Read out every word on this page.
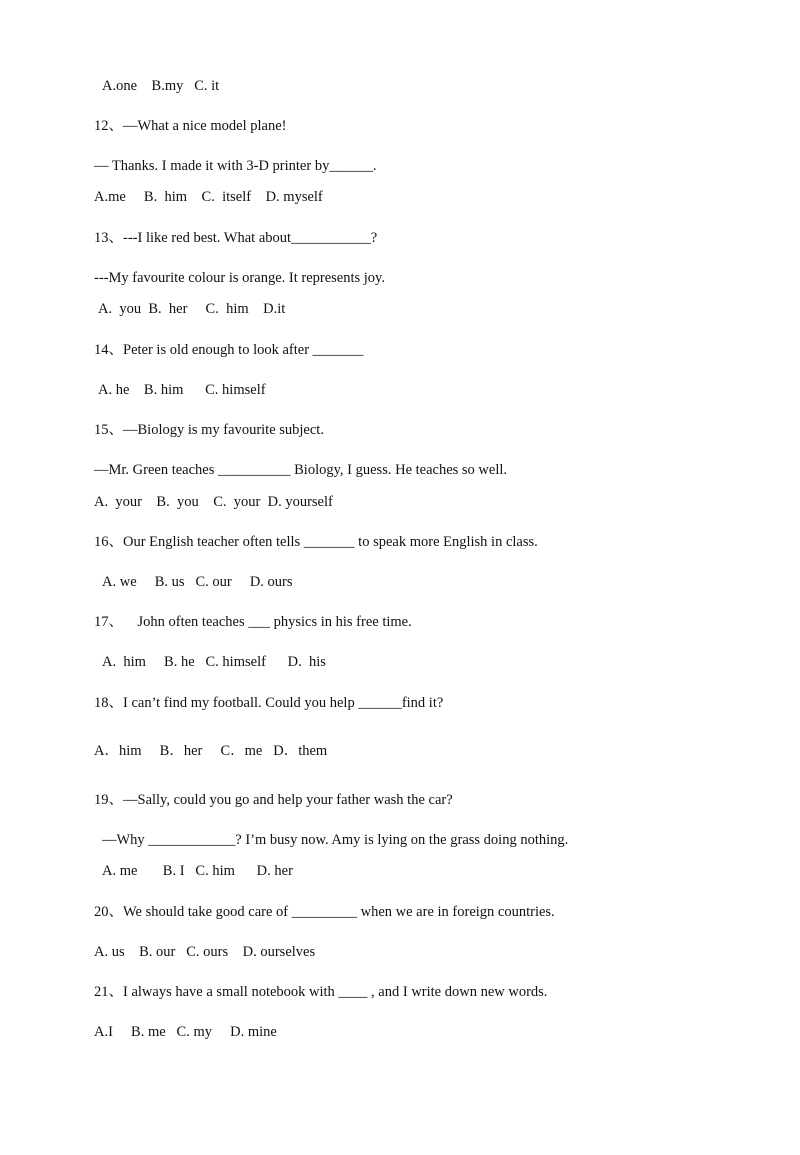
A.one    B.my   C. it
12、—What a nice model plane!
— Thanks. I made it with 3-D printer by______.
A.me     B.  him    C.  itself    D. myself
13、---I like red best. What about___________?
---My favourite colour is orange. It represents joy.
A.  you  B.  her     C.  him    D.it
14、Peter is old enough to look after _______
A. he    B. him      C. himself
15、—Biology is my favourite subject.
—Mr. Green teaches __________ Biology, I guess. He teaches so well.
A.  your    B.  you    C.  your  D. yourself
16、Our English teacher often tells _______ to speak more English in class.
A. we     B. us   C. our     D. ours
17、    John often teaches ___ physics in his free time.
A.  him     B. he   C. himself      D.  his
18、I can’t find my football. Could you help ______find it?
A．him     B．her     C．me   D．them
19、—Sally, could you go and help your father wash the car?
—Why ____________? I’m busy now. Amy is lying on the grass doing nothing.
A. me       B. I   C. him      D. her
20、We should take good care of _________ when we are in foreign countries.
A. us    B. our   C. ours    D. ourselves
21、I always have a small notebook with ____ , and I write down new words.
A.I     B. me   C. my     D. mine
